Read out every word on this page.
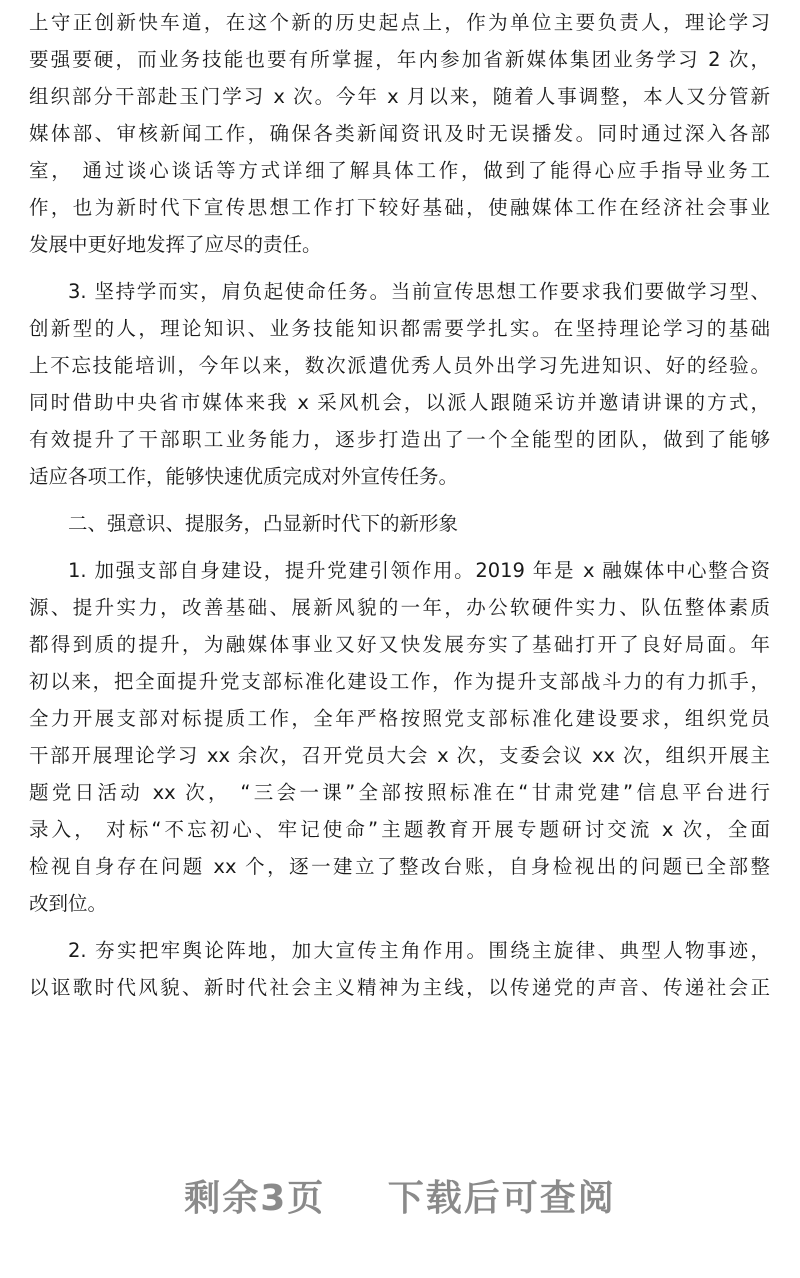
上守正创新快车道，在这个新的历史起点上，作为单位主要负责人，理论学习
要强要硬，而业务技能也要有所掌握，年内参加省新媒体集团业务学习 2 次，
组织部分干部赴玉门学习 x 次。今年 x 月以来，随着人事调整，本人又分管新
媒体部、审核新闻工作，确保各类新闻资讯及时无误播发。同时通过深入各部
室， 通过谈心谈话等方式详细了解具体工作，做到了能得心应手指导业务工
作，也为新时代下宣传思想工作打下较好基础，使融媒体工作在经济社会事业
发展中更好地发挥了应尽的责任。
3. 坚持学而实，肩负起使命任务。当前宣传思想工作要求我们要做学习型、
创新型的人，理论知识、业务技能知识都需要学扎实。在坚持理论学习的基础
上不忘技能培训，今年以来，数次派遣优秀人员外出学习先进知识、好的经验。
同时借助中央省市媒体来我 x 采风机会，以派人跟随采访并邀请讲课的方式，
有效提升了干部职工业务能力，逐步打造出了一个全能型的团队，做到了能够
适应各项工作，能够快速优质完成对外宣传任务。
二、强意识、提服务，凸显新时代下的新形象
1. 加强支部自身建设，提升党建引领作用。2019 年是 x 融媒体中心整合资
源、提升实力，改善基础、展新风貌的一年，办公软硬件实力、队伍整体素质
都得到质的提升，为融媒体事业又好又快发展夯实了基础打开了良好局面。年
初以来，把全面提升党支部标准化建设工作，作为提升支部战斗力的有力抓手，
全力开展支部对标提质工作，全年严格按照党支部标准化建设要求，组织党员
干部开展理论学习 xx 余次，召开党员大会 x 次，支委会议 xx 次，组织开展主
题党日活动 xx 次， “三会一课”全部按照标准在“甘肃党建”信息平台进行
录入， 对标“不忘初心、牢记使命”主题教育开展专题研讨交流 x 次，全面
检视自身存在问题 xx 个，逐一建立了整改台账，自身检视出的问题已全部整
改到位。
2. 夯实把牢舆论阵地，加大宣传主角作用。围绕主旋律、典型人物事迹，
以讴歌时代风貌、新时代社会主义精神为主线，以传递党的声音、传递社会正
剩余3页 下载后可查阅
